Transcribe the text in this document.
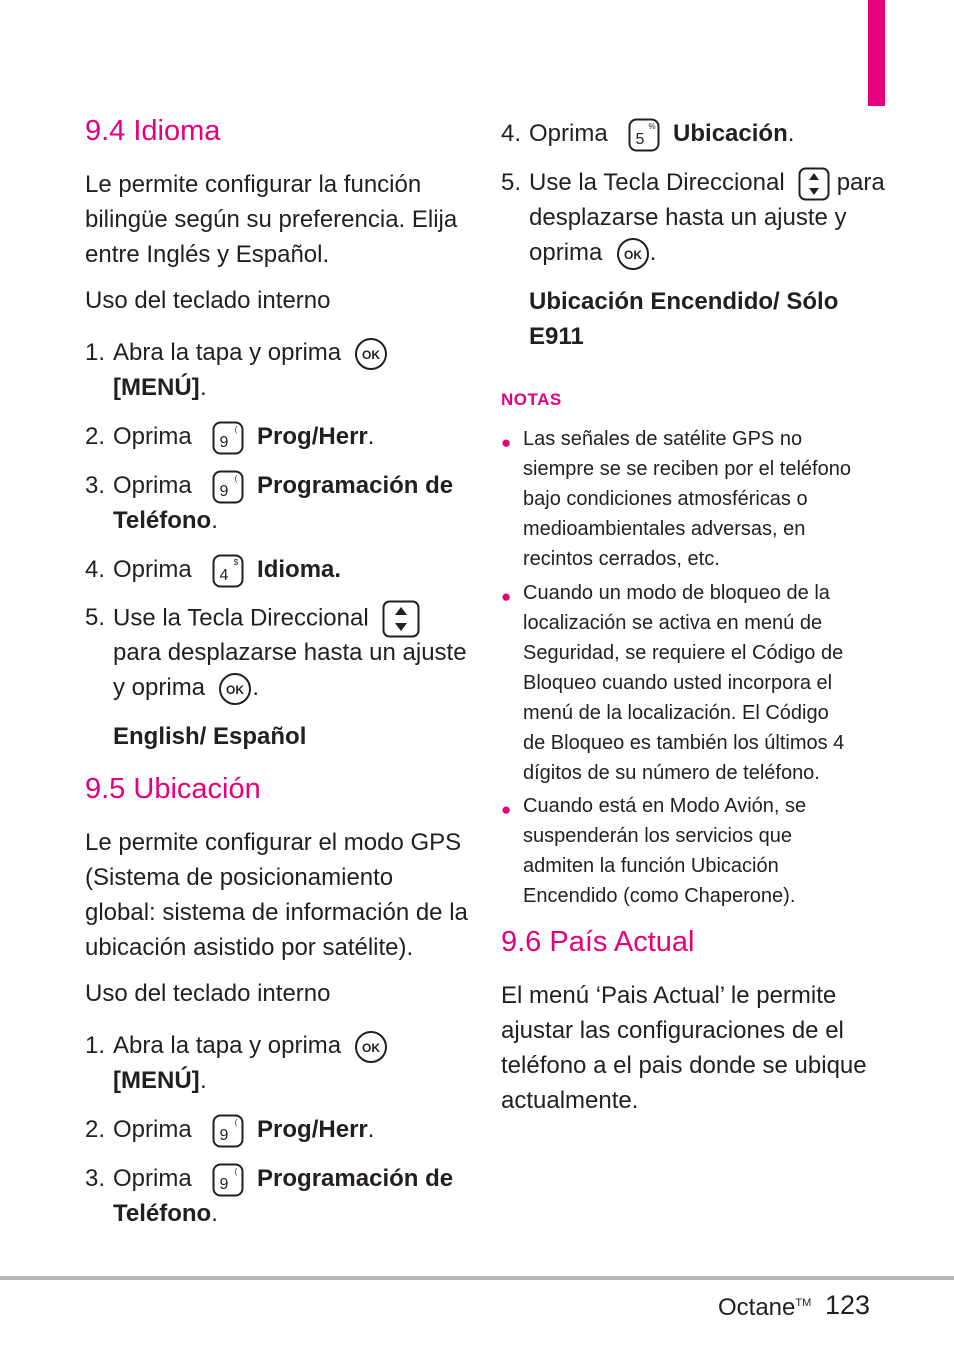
9.4 Idioma

Le permite configurar la función

bilingüe según su preferencia. Elija

entre Inglés y Español.

Uso del teclado interno

1. Abra la tapa y oprima OK
[MENÚ] .
2. Oprima 9
( Prog/Herr.
3. Oprima 9
( Programación de
Teléfono.
4. Oprima 4
$ Idioma.
5. Use la Tecla Direccional
para desplazarse hasta un ajuste
y oprima OK .

English/ Español

9.5 Ubicación

Le permite configurar el modo GPS

(Sistema de posicionamiento

global: sistema de información de la

ubicación asistido por satélite).

Uso del teclado interno

1. Abra la tapa y oprima OK
[MENÚ] .
2. Oprima 9
( Prog/Herr.
3. Oprima 9
( Programación de
Teléfono.
4. Oprima 5
% Ubicación.
5. Use la Tecla Direccional para
desplazarse hasta un ajuste y
oprima OK .

Ubicación Encendido/ Sólo

E911

NOTAS

● Las señales de satélite GPS no
siempre se se reciben por el teléfono
bajo condiciones atmosféricas o
medioambientales adversas, en
recintos cerrados, etc.
● Cuando un modo de bloqueo de la
localización se activa en menú de
Seguridad, se requiere el Código de
Bloqueo cuando usted incorpora el
menú de la localización. El Código
de Bloqueo es también los últimos 4
dígitos de su número de teléfono.
● Cuando está en Modo Avión, se
suspenderán los servicios que
admiten la función Ubicación
Encendido (como Chaperone).
9.6 País Actual

El menú ‘Pais Actual’ le permite

ajustar las configuraciones de el

teléfono a el pais donde se ubique

actualmente.

Octane™ 123
